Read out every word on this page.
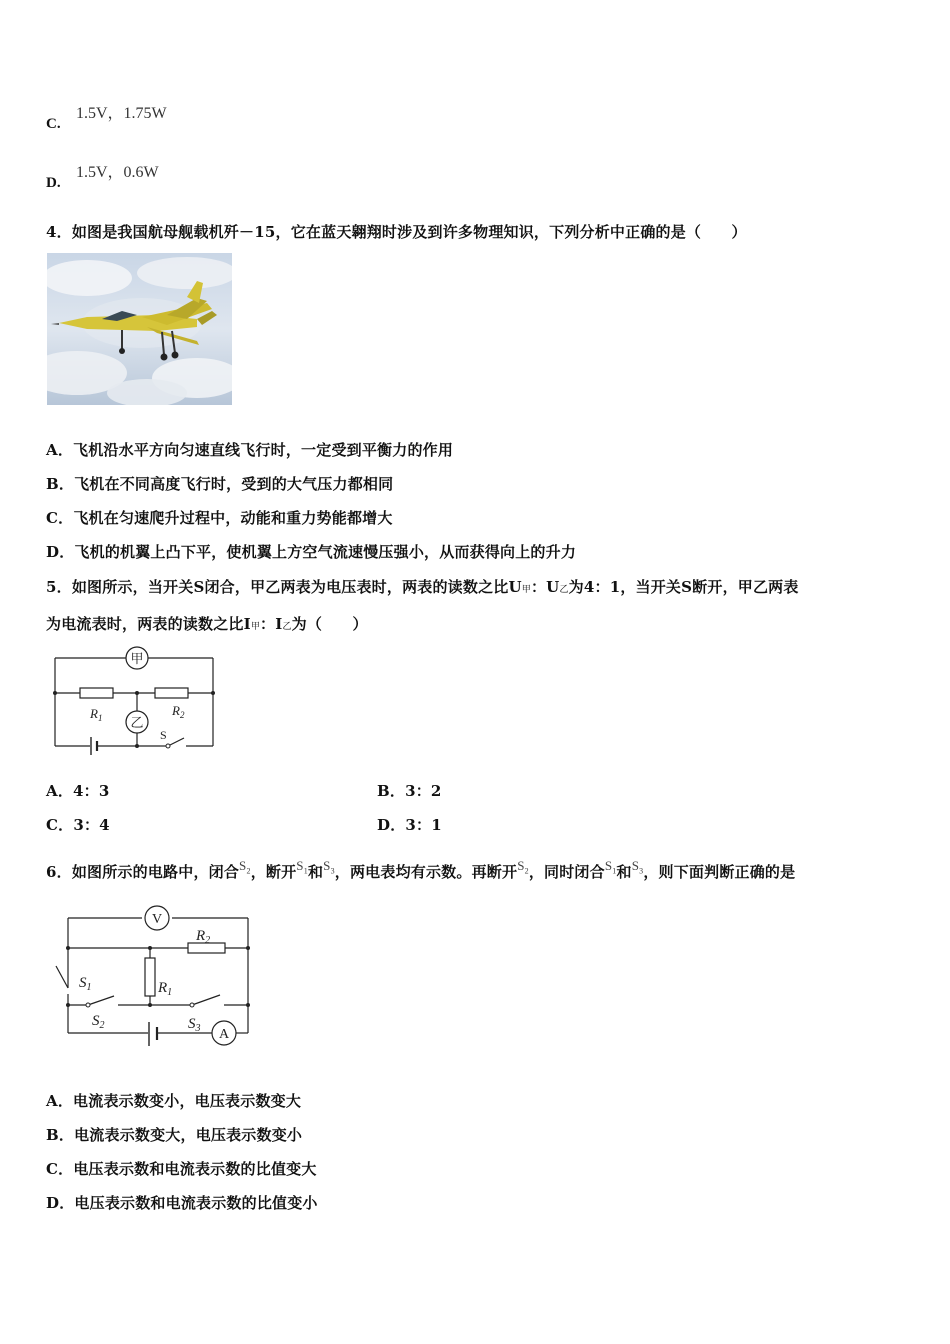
1.5V，1.75W
C.
1.5V，0.6W
D.
4．如图是我国航母舰载机歼－15，它在蓝天翱翔时涉及到许多物理知识，下列分析中正确的是（　　）
A．飞机沿水平方向匀速直线飞行时，一定受到平衡力的作用
B．飞机在不同高度飞行时，受到的大气压力都相同
C．飞机在匀速爬升过程中，动能和重力势能都增大
D．飞机的机翼上凸下平，使机翼上方空气流速慢压强小，从而获得向上的升力
5．如图所示，当开关S闭合，甲乙两表为电压表时，两表的读数之比U甲：U乙为4：1，当开关S断开，甲乙两表
为电流表时，两表的读数之比I甲：I乙为（　　）
甲
乙
$R_1$	$R_2$
S
A．4：3	B．3：2
C．3：4	D．3：1
6．如图所示的电路中，闭合$S_2$，断开$S_1$和$S_3$，两电表均有示数。再断开$S_2$，同时闭合$S_1$和$S_3$，则下面判断正确的是
V
A
$R_2$
$R_1$
$S_1$
$S_2$	$S_3$
A．电流表示数变小，电压表示数变大
B．电流表示数变大，电压表示数变小
C．电压表示数和电流表示数的比值变大
D．电压表示数和电流表示数的比值变小
